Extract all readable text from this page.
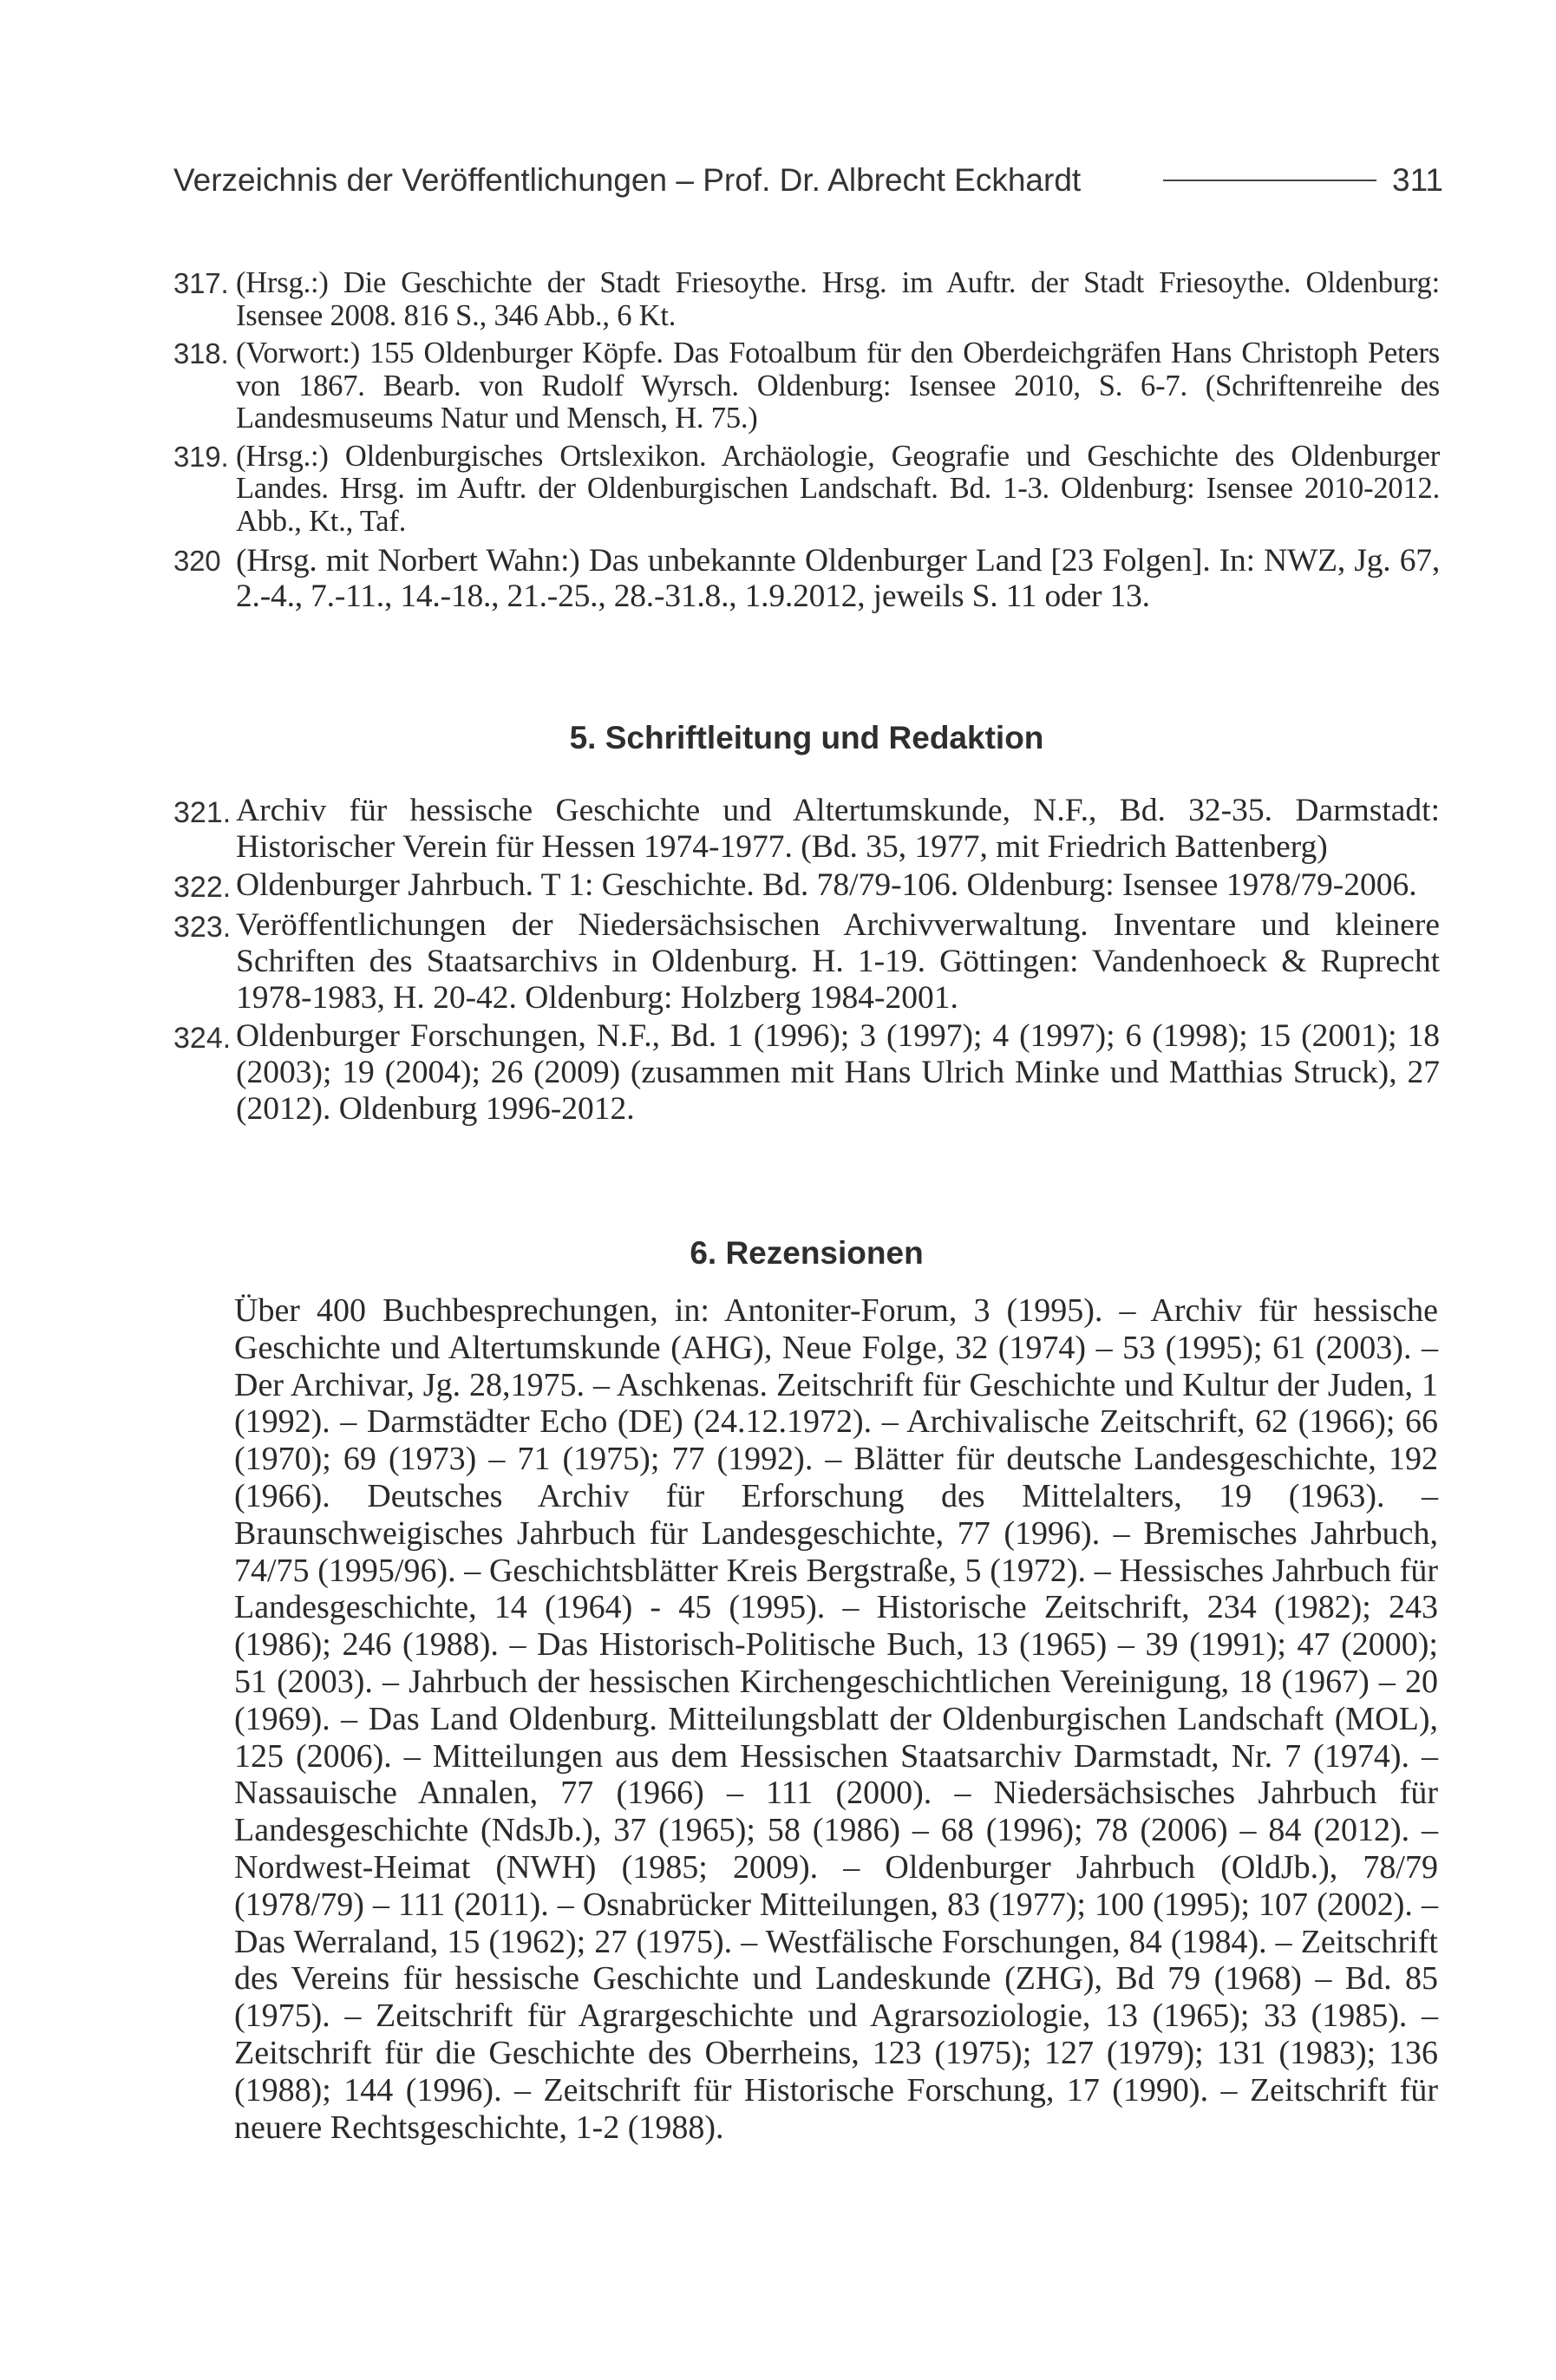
Verzeichnis der Veröffentlichungen – Prof. Dr. Albrecht Eckhardt	311
317. (Hrsg.:) Die Geschichte der Stadt Friesoythe. Hrsg. im Auftr. der Stadt Friesoythe. Oldenburg: Isensee 2008. 816 S., 346 Abb., 6 Kt.
318. (Vorwort:) 155 Oldenburger Köpfe. Das Fotoalbum für den Oberdeichgräfen Hans Christoph Peters von 1867. Bearb. von Rudolf Wyrsch. Oldenburg: Isensee 2010, S. 6-7. (Schriftenreihe des Landesmuseums Natur und Mensch, H. 75.)
319. (Hrsg.:) Oldenburgisches Ortslexikon. Archäologie, Geografie und Geschichte des Oldenburger Landes. Hrsg. im Auftr. der Oldenburgischen Landschaft. Bd. 1-3. Oldenburg: Isensee 2010-2012. Abb., Kt., Taf.
320 (Hrsg. mit Norbert Wahn:) Das unbekannte Oldenburger Land [23 Folgen]. In: NWZ, Jg. 67, 2.-4., 7.-11., 14.-18., 21.-25., 28.-31.8., 1.9.2012, jeweils S. 11 oder 13.
5. Schriftleitung und Redaktion
321. Archiv für hessische Geschichte und Altertumskunde, N.F., Bd. 32-35. Darmstadt: Historischer Verein für Hessen 1974-1977. (Bd. 35, 1977, mit Friedrich Battenberg)
322. Oldenburger Jahrbuch. T 1: Geschichte. Bd. 78/79-106. Oldenburg: Isensee 1978/79-2006.
323. Veröffentlichungen der Niedersächsischen Archivverwaltung. Inventare und kleinere Schriften des Staatsarchivs in Oldenburg. H. 1-19. Göttingen: Vandenhoeck & Ruprecht 1978-1983, H. 20-42. Oldenburg: Holzberg 1984-2001.
324. Oldenburger Forschungen, N.F., Bd. 1 (1996); 3 (1997); 4 (1997); 6 (1998); 15 (2001); 18 (2003); 19 (2004); 26 (2009) (zusammen mit Hans Ulrich Minke und Matthias Struck), 27 (2012). Oldenburg 1996-2012.
6. Rezensionen
Über 400 Buchbesprechungen, in: Antoniter-Forum, 3 (1995). – Archiv für hessische Geschichte und Altertumskunde (AHG), Neue Folge, 32 (1974) – 53 (1995); 61 (2003). – Der Archivar, Jg. 28,1975. – Aschkenas. Zeitschrift für Geschichte und Kultur der Juden, 1 (1992). – Darmstädter Echo (DE) (24.12.1972). – Archivalische Zeitschrift, 62 (1966); 66 (1970); 69 (1973) – 71 (1975); 77 (1992). – Blätter für deutsche Landesgeschichte, 192 (1966). Deutsches Archiv für Erforschung des Mittelalters, 19 (1963). – Braunschweigisches Jahrbuch für Landesgeschichte, 77 (1996). – Bremisches Jahrbuch, 74/75 (1995/96). – Geschichtsblätter Kreis Bergstraße, 5 (1972). – Hessisches Jahrbuch für Landesgeschichte, 14 (1964) - 45 (1995). – Historische Zeitschrift, 234 (1982); 243 (1986); 246 (1988). – Das Historisch-Politische Buch, 13 (1965) – 39 (1991); 47 (2000); 51 (2003). – Jahrbuch der hessischen Kirchengeschichtlichen Vereinigung, 18 (1967) – 20 (1969). – Das Land Oldenburg. Mitteilungsblatt der Oldenburgischen Landschaft (MOL), 125 (2006). – Mitteilungen aus dem Hessischen Staatsarchiv Darmstadt, Nr. 7 (1974). – Nassauische Annalen, 77 (1966) – 111 (2000). – Niedersächsisches Jahrbuch für Landesgeschichte (NdsJb.), 37 (1965); 58 (1986) – 68 (1996); 78 (2006) – 84 (2012). – Nordwest-Heimat (NWH) (1985; 2009). – Oldenburger Jahrbuch (OldJb.), 78/79 (1978/79) – 111 (2011). – Osnabrücker Mitteilungen, 83 (1977); 100 (1995); 107 (2002). – Das Werraland, 15 (1962); 27 (1975). – Westfälische Forschungen, 84 (1984). – Zeitschrift des Vereins für hessische Geschichte und Landeskunde (ZHG), Bd 79 (1968) – Bd. 85 (1975). – Zeitschrift für Agrargeschichte und Agrarsoziologie, 13 (1965); 33 (1985). – Zeitschrift für die Geschichte des Oberrheins, 123 (1975); 127 (1979); 131 (1983); 136 (1988); 144 (1996). – Zeitschrift für Historische Forschung, 17 (1990). – Zeitschrift für neuere Rechtsgeschichte, 1-2 (1988).
